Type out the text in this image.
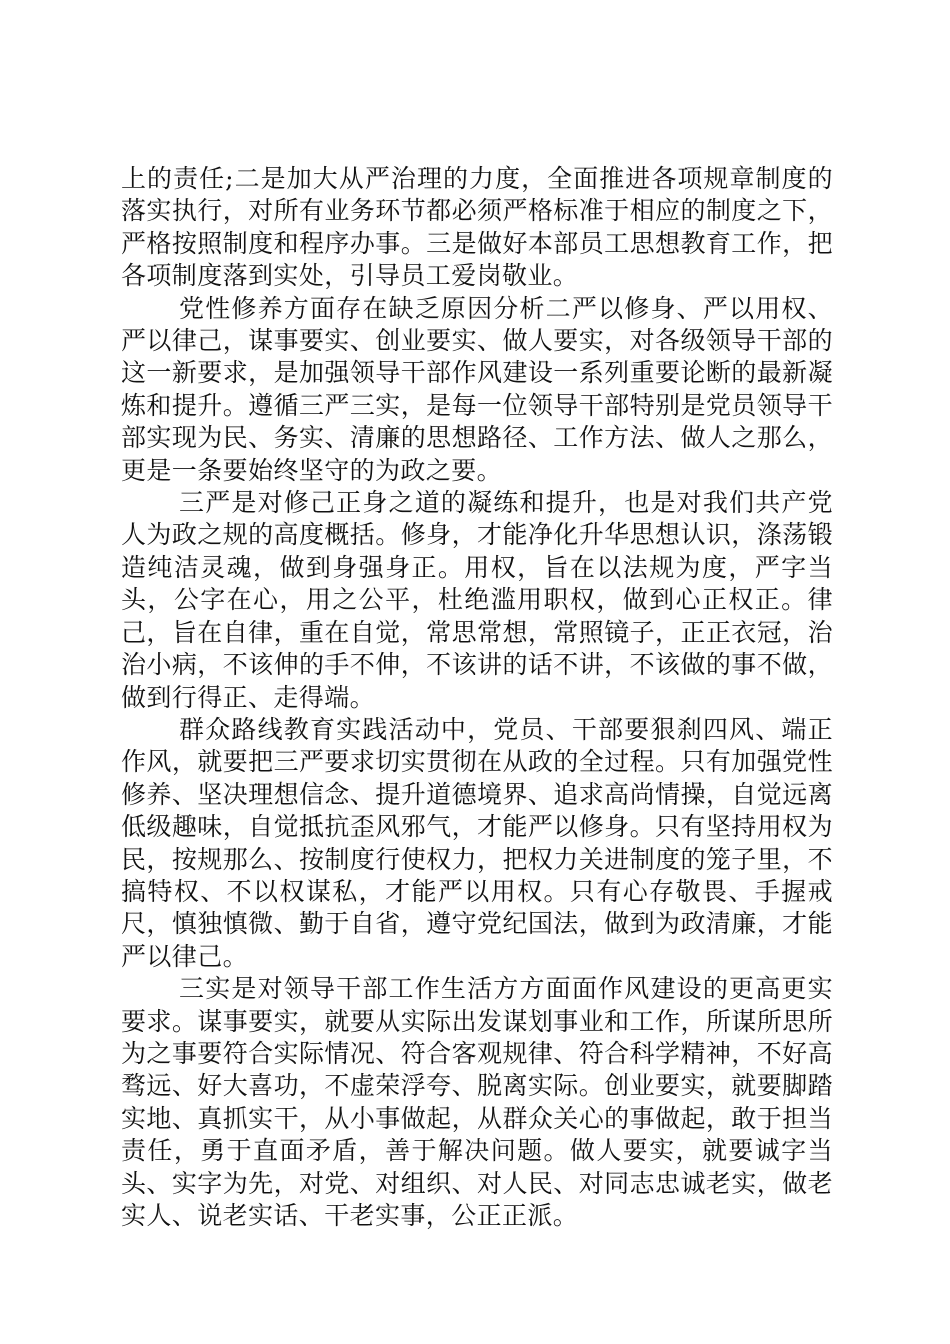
上的责任;二是加大从严治理的力度，全面推进各项规章制度的落实执行，对所有业务环节都必须严格标准于相应的制度之下，严格按照制度和程序办事。三是做好本部员工思想教育工作，把各项制度落到实处，引导员工爱岗敬业。

党性修养方面存在缺乏原因分析二严以修身、严以用权、严以律己，谋事要实、创业要实、做人要实，对各级领导干部的这一新要求，是加强领导干部作风建设一系列重要论断的最新凝炼和提升。遵循三严三实，是每一位领导干部特别是党员领导干部实现为民、务实、清廉的思想路径、工作方法、做人之那么，更是一条要始终坚守的为政之要。

三严是对修己正身之道的凝练和提升，也是对我们共产党人为政之规的高度概括。修身，才能净化升华思想认识，涤荡锻造纯洁灵魂，做到身强身正。用权，旨在以法规为度，严字当头，公字在心，用之公平，杜绝滥用职权，做到心正权正。律己，旨在自律，重在自觉，常思常想，常照镜子，正正衣冠，治治小病，不该伸的手不伸，不该讲的话不讲，不该做的事不做，做到行得正、走得端。

群众路线教育实践活动中，党员、干部要狠刹四风、端正作风，就要把三严要求切实贯彻在从政的全过程。只有加强党性修养、坚决理想信念、提升道德境界、追求高尚情操，自觉远离低级趣味，自觉抵抗歪风邪气，才能严以修身。只有坚持用权为民，按规那么、按制度行使权力，把权力关进制度的笼子里，不搞特权、不以权谋私，才能严以用权。只有心存敬畏、手握戒尺，慎独慎微、勤于自省，遵守党纪国法，做到为政清廉，才能严以律己。

三实是对领导干部工作生活方方面面作风建设的更高更实要求。谋事要实，就要从实际出发谋划事业和工作，所谋所思所为之事要符合实际情况、符合客观规律、符合科学精神，不好高骛远、好大喜功，不虚荣浮夸、脱离实际。创业要实，就要脚踏实地、真抓实干，从小事做起，从群众关心的事做起，敢于担当责任，勇于直面矛盾，善于解决问题。做人要实，就要诚字当头、实字为先，对党、对组织、对人民、对同志忠诚老实，做老实人、说老实话、干老实事，公正正派。
